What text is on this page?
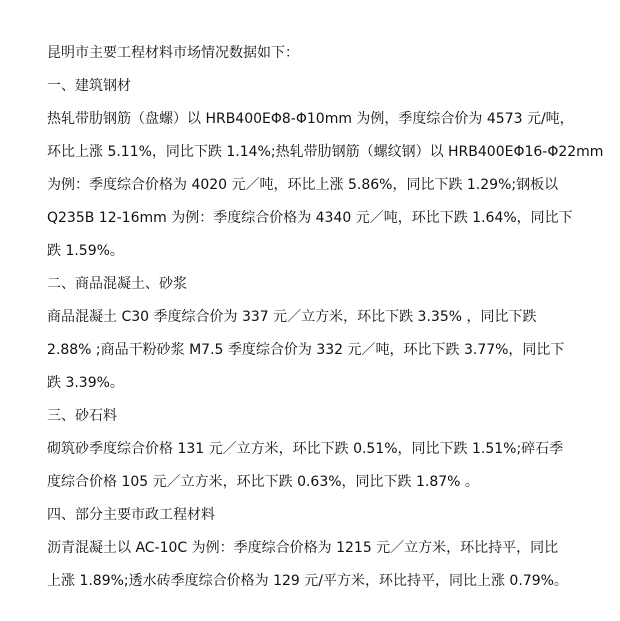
昆明市主要工程材料市场情况数据如下：
一、建筑钢材
热轧带肋钢筋（盘螺）以 HRB400EΦ8-Φ10mm 为例，季度综合价为 4573 元/吨，
环比上涨 5.11%，同比下跌 1.14%;热轧带肋钢筋（螺纹钢）以 HRB400EΦ16-Φ22mm
为例：季度综合价格为 4020 元／吨，环比上涨 5.86%，同比下跌 1.29%;钢板以
Q235B 12-16mm 为例：季度综合价格为 4340 元／吨，环比下跌 1.64%，同比下
跌 1.59%。
二、商品混凝土、砂浆
商品混凝土 C30 季度综合价为 337 元／立方米，环比下跌 3.35% ，同比下跌
2.88% ;商品干粉砂浆 M7.5 季度综合价为 332 元／吨，环比下跌 3.77%，同比下
跌 3.39%。
三、砂石料
砌筑砂季度综合价格 131 元／立方米，环比下跌 0.51%，同比下跌 1.51%;碎石季
度综合价格 105 元／立方米，环比下跌 0.63%，同比下跌 1.87% 。
四、部分主要市政工程材料
沥青混凝土以 AC-10C 为例：季度综合价格为 1215 元／立方米，环比持平，同比
上涨 1.89%;透水砖季度综合价格为 129 元/平方米，环比持平，同比上涨 0.79%。
